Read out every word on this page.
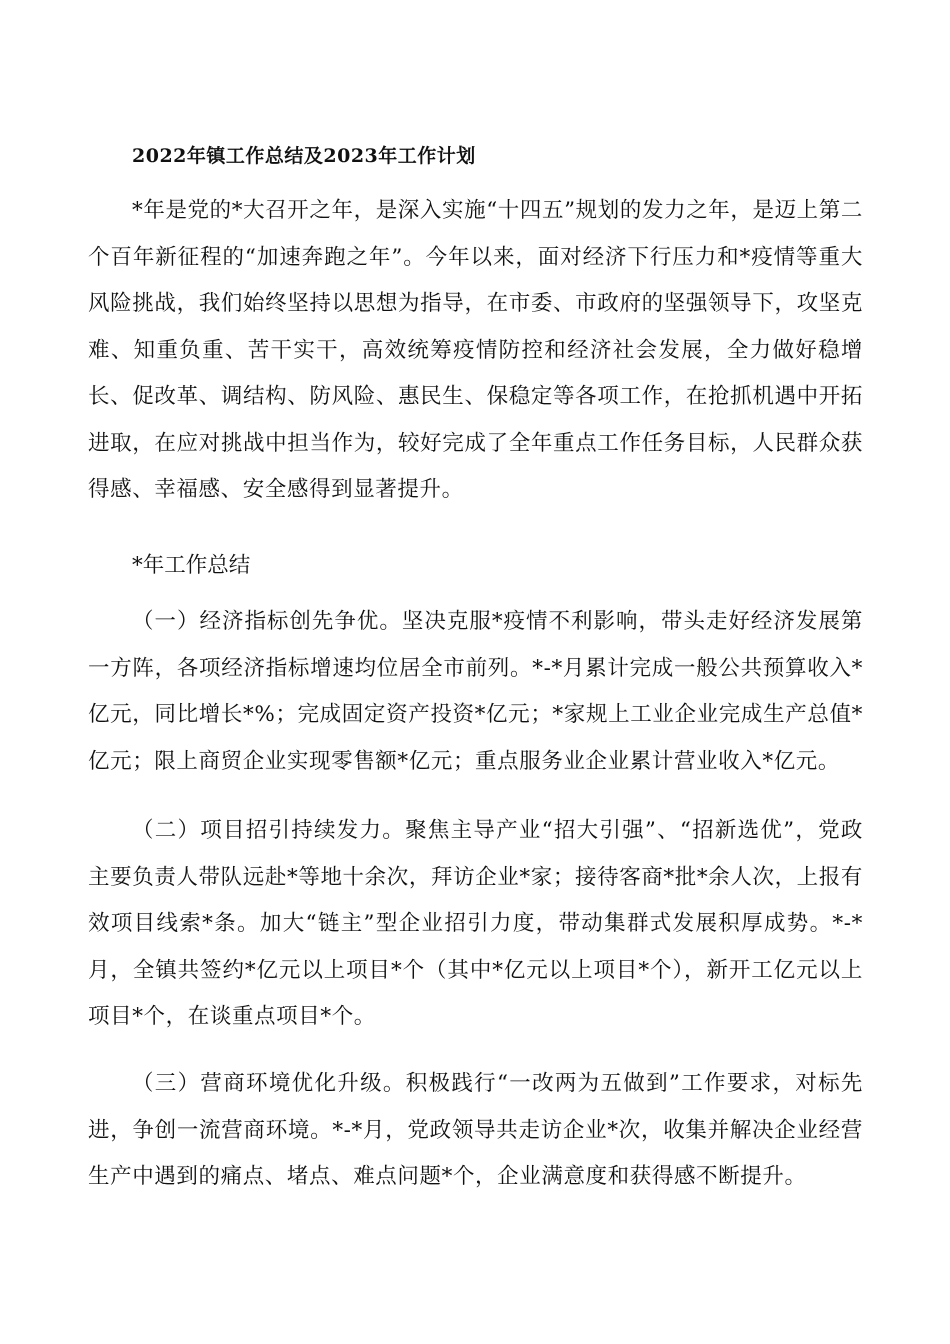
2022年镇工作总结及2023年工作计划

*年是党的*大召开之年，是深入实施“十四五”规划的发力之年，是迈上第二个百年新征程的“加速奔跑之年”。今年以来，面对经济下行压力和*疫情等重大风险挑战，我们始终坚持以思想为指导，在市委、市政府的坚强领导下，攻坚克难、知重负重、苦干实干，高效统筹疫情防控和经济社会发展，全力做好稳增长、促改革、调结构、防风险、惠民生、保稳定等各项工作，在抢抓机遇中开拓进取，在应对挑战中担当作为，较好完成了全年重点工作任务目标，人民群众获得感、幸福感、安全感得到显著提升。

*年工作总结

（一）经济指标创先争优。坚决克服*疫情不利影响，带头走好经济发展第一方阵，各项经济指标增速均位居全市前列。*-*月累计完成一般公共预算收入*亿元，同比增长*%；完成固定资产投资*亿元；*家规上工业企业完成生产总值*亿元；限上商贸企业实现零售额*亿元；重点服务业企业累计营业收入*亿元。

（二）项目招引持续发力。聚焦主导产业“招大引强”、“招新选优”，党政主要负责人带队远赴*等地十余次，拜访企业*家；接待客商*批*余人次，上报有效项目线索*条。加大“链主”型企业招引力度，带动集群式发展积厚成势。*-*月，全镇共签约*亿元以上项目*个（其中*亿元以上项目*个），新开工亿元以上项目*个，在谈重点项目*个。

（三）营商环境优化升级。积极践行“一改两为五做到”工作要求，对标先进，争创一流营商环境。*-*月，党政领导共走访企业*次，收集并解决企业经营生产中遇到的痛点、堵点、难点问题*个，企业满意度和获得感不断提升。
